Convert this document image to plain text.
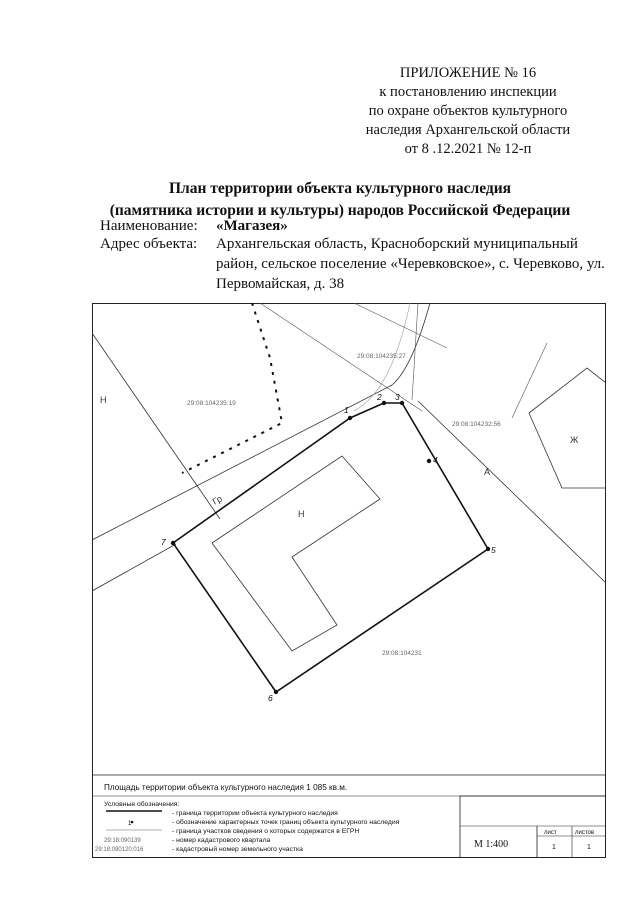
ПРИЛОЖЕНИЕ № 16
к постановлению инспекции
по охране объектов культурного
наследия Архангельской области
от 8 .12.2021 № 12-п
План территории объекта культурного наследия
(памятника истории и культуры) народов Российской Федерации
Наименование: «Магазея»
Адрес объекта:	Архангельская область, Красноборский муниципальный район, сельское поселение «Черевковское», с. Черевково, ул. Первомайская, д. 38
1
2 3
4
5
6
7
29:08:104235:27
29:08:104235:19
29:08:104232:56
29:08:104231
Н
Н
Гр
А
Ж
Площадь территории объекта культурного наследия 1 085 кв.м.
Условные обозначения:
- граница территории объекта культурного наследия
1	- обозначение характерных точек границ объекта культурного наследия
- граница участков сведения о которых содержатся в ЕГРН
29:18:090139	- номер кадастрового квартала
29:18:090120:016	- кадастровый номер земельного участка	М 1:400
лист	листов
1	1
